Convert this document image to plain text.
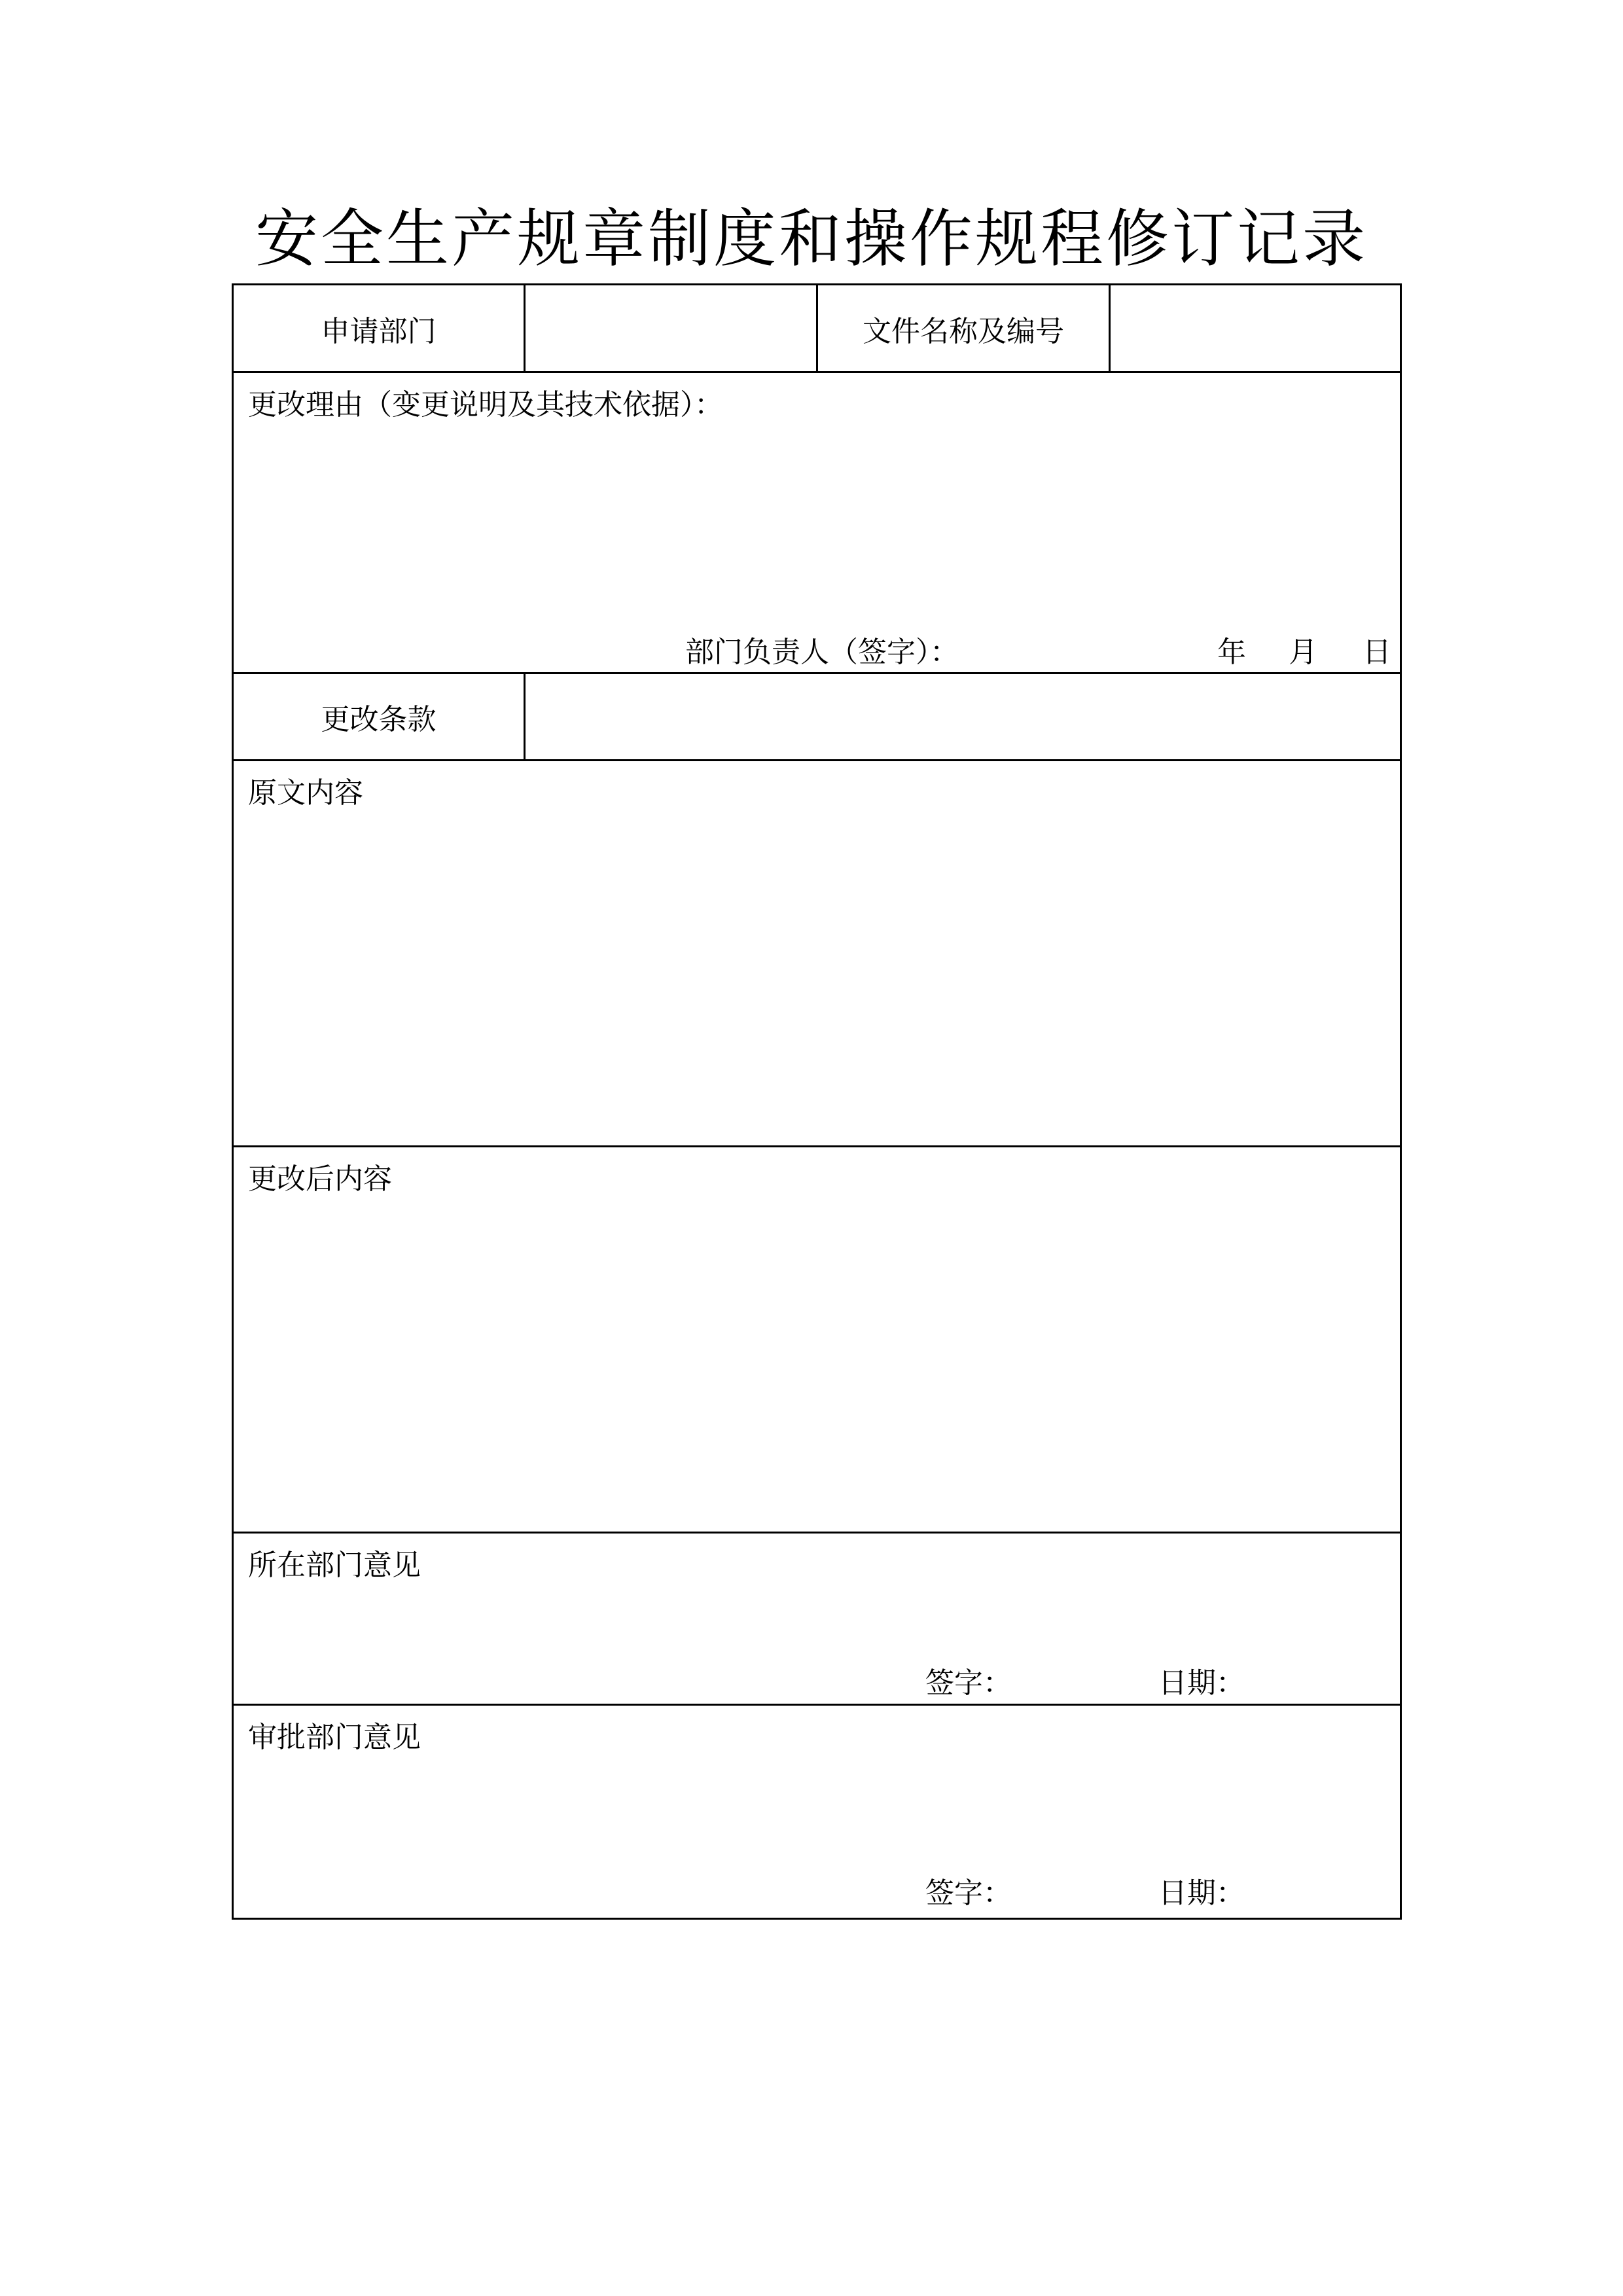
安全生产规章制度和操作规程修订记录
申请部门	文件名称及编号
更改理由（变更说明及其技术依据）：
部门负责人（签字）：	年 月 日
更改条款
原文内容
更改后内容
所在部门意见
签字：	日期：
审批部门意见
签字：	日期：
